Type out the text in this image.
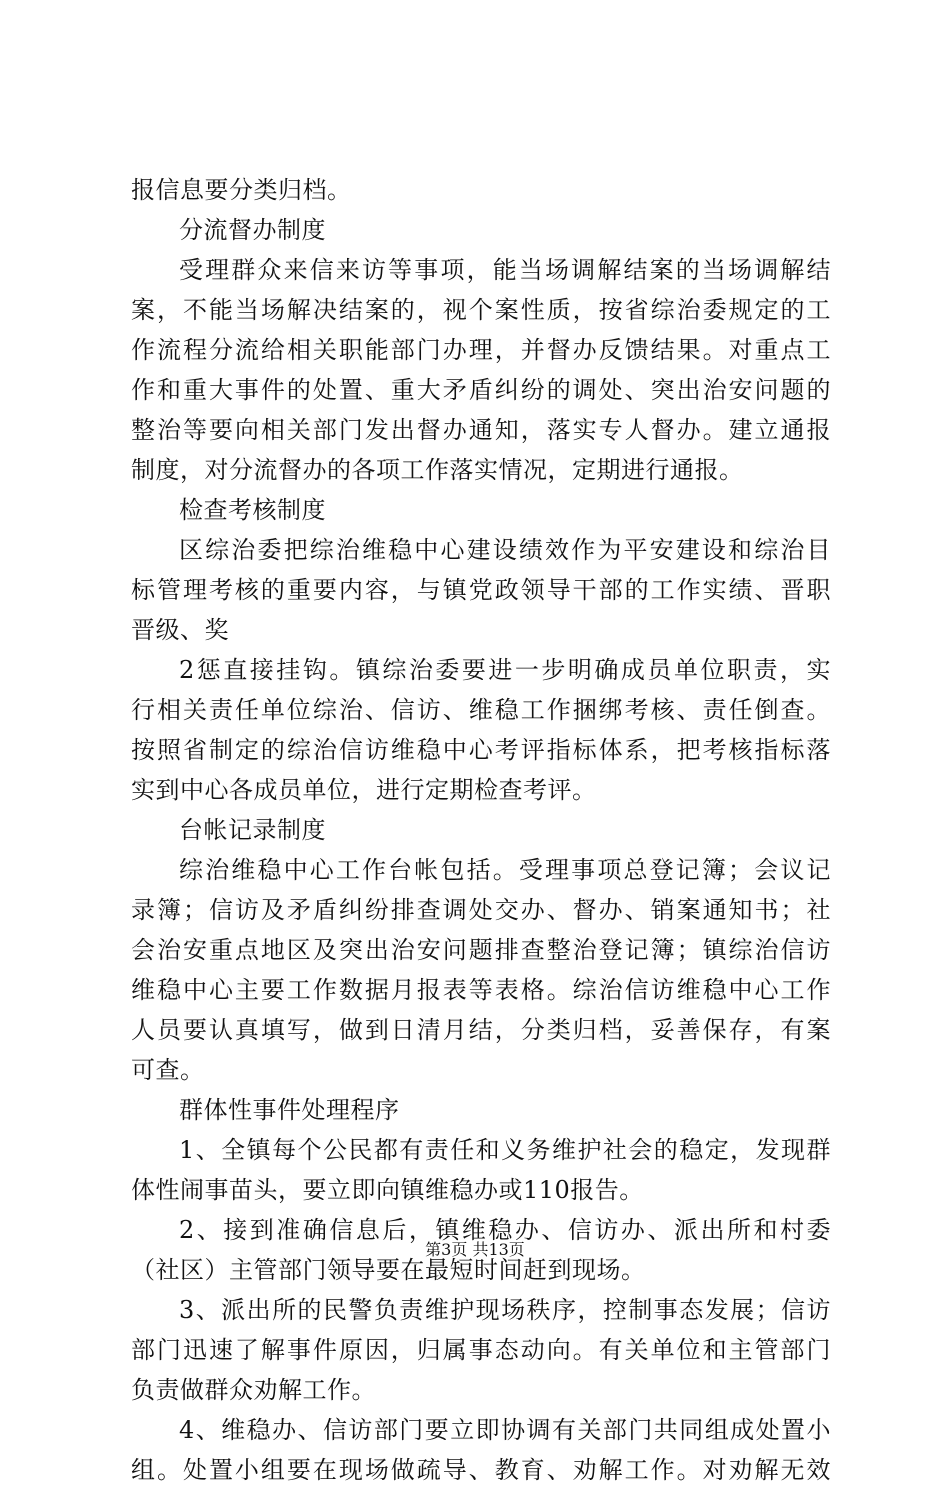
报信息要分类归档。
分流督办制度
受理群众来信来访等事项，能当场调解结案的当场调解结
案，不能当场解决结案的，视个案性质，按省综治委规定的工
作流程分流给相关职能部门办理，并督办反馈结果。对重点工
作和重大事件的处置、重大矛盾纠纷的调处、突出治安问题的
整治等要向相关部门发出督办通知，落实专人督办。建立通报
制度，对分流督办的各项工作落实情况，定期进行通报。
检查考核制度
区综治委把综治维稳中心建设绩效作为平安建设和综治目
标管理考核的重要内容，与镇党政领导干部的工作实绩、晋职
晋级、奖
2惩直接挂钩。镇综治委要进一步明确成员单位职责，实
行相关责任单位综治、信访、维稳工作捆绑考核、责任倒查。
按照省制定的综治信访维稳中心考评指标体系，把考核指标落
实到中心各成员单位，进行定期检查考评。
台帐记录制度
综治维稳中心工作台帐包括。受理事项总登记簿；会议记
录簿；信访及矛盾纠纷排查调处交办、督办、销案通知书；社
会治安重点地区及突出治安问题排查整治登记簿；镇综治信访
维稳中心主要工作数据月报表等表格。综治信访维稳中心工作
人员要认真填写，做到日清月结，分类归档，妥善保存，有案
可查。
群体性事件处理程序
1、全镇每个公民都有责任和义务维护社会的稳定，发现群
体性闹事苗头，要立即向镇维稳办或110报告。
2、接到准确信息后，镇维稳办、信访办、派出所和村委
（社区）主管部门领导要在最短时间赶到现场。
3、派出所的民警负责维护现场秩序，控制事态发展；信访
部门迅速了解事件原因，归属事态动向。有关单位和主管部门
负责做群众劝解工作。
4、维稳办、信访部门要立即协调有关部门共同组成处置小
组。处置小组要在现场做疏导、教育、劝解工作。对劝解无效
第3页 共13页
